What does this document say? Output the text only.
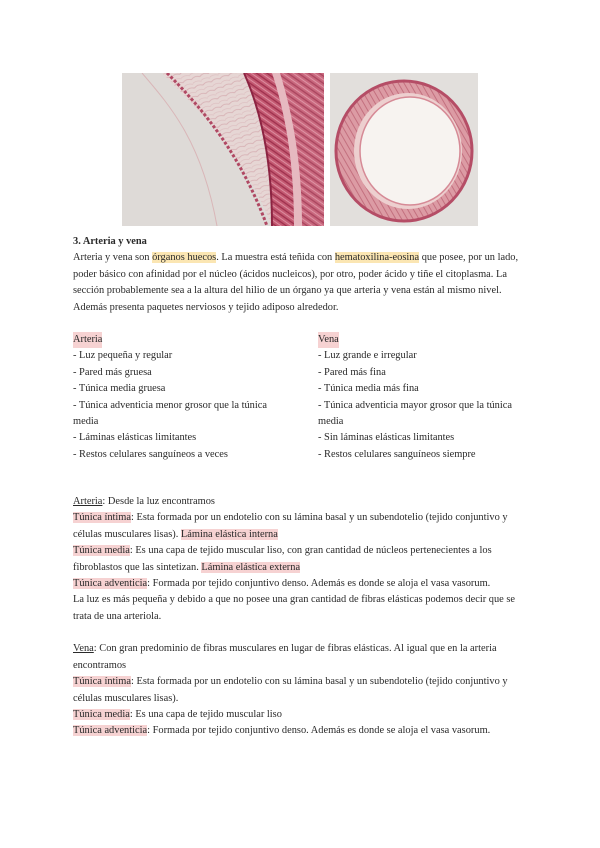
3. Arteria y vena

Arteria y vena son órganos huecos. La muestra está teñida con hematoxilina-eosina que posee, por un lado, poder básico con afinidad por el núcleo (ácidos nucleicos), por otro, poder ácido y tiñe el citoplasma. La sección probablemente sea a la altura del hilio de un órgano ya que arteria y vena están al mismo nivel. Además presenta paquetes nerviosos y tejido adiposo alrededor.

Arteria
- Luz pequeña y regular
- Pared más gruesa
- Túnica media gruesa
- Túnica adventicia menor grosor que la túnica media
- Láminas elásticas limitantes
- Restos celulares sanguíneos a veces
Vena
- Luz grande e irregular
- Pared más fina
- Túnica media más fina
- Túnica adventicia mayor grosor que la túnica media
- Sin láminas elásticas limitantes
- Restos celulares sanguíneos siempre

Arteria: Desde la luz encontramos

Túnica íntima: Esta formada por un endotelio con su lámina basal y un subendotelio (tejido conjuntivo y células musculares lisas). Lámina elástica interna

Túnica media: Es una capa de tejido muscular liso, con gran cantidad de núcleos pertenecientes a los fibroblastos que las sintetizan. Lámina elástica externa

Túnica adventicia: Formada por tejido conjuntivo denso. Además es donde se aloja el vasa vasorum.

La luz es más pequeña y debido a que no posee una gran cantidad de fibras elásticas podemos decir que se trata de una arteriola.

Vena: Con gran predominio de fibras musculares en lugar de fibras elásticas. Al igual que en la arteria encontramos

Túnica íntima: Esta formada por un endotelio con su lámina basal y un subendotelio (tejido conjuntivo y células musculares lisas).

Túnica media: Es una capa de tejido muscular liso

Túnica adventicia: Formada por tejido conjuntivo denso. Además es donde se aloja el vasa vasorum.
